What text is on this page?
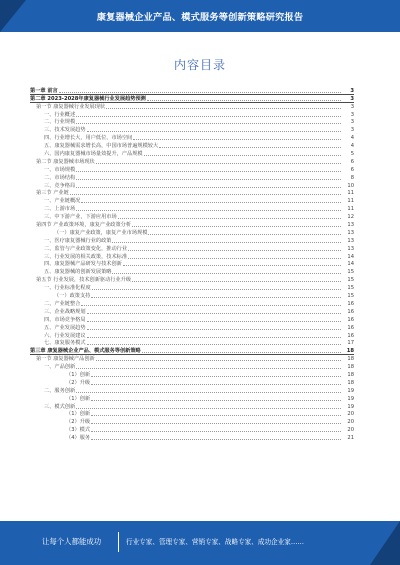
康复器械企业产品、模式服务等创新策略研究报告
内容目录
第一章 前言	3
第二章 2023-2028年康复器械行业发展趋势预测	3
第一节 康复器械行业发展现状	3
一、行业概述	3
二、行业规模	3
三、技术发展趋势	3
四、行业增长大，用户低位，市场空间	4
五、康复器械需求增长高，中国市场普遍规模较大	4
六、国内康复器械市场量效提升，产品规模	5
第二节 康复器械市场现状	6
一、市场规模	6
二、市场结构	8
三、竞争格局	10
第三节 产业链	11
一、产业链概况	11
二、上游市场	11
三、中下游产业，下游应用市场	12
第四节 产业政策环境，康复产业政策分析	13
（一）康复产业政策，康复产业市场规模	13
一、医疗康复器械行业的政策	13
二、监管与产业政策变化，推动行业	13
三、行业发展的相关政策，技术标准	14
四、康复器械产品研发与技术创新	14
五、康复器械的创新发展策略	15
第五节 行业发展，技术创新驱动行业升级	15
一、行业标准化程度	15
（一）政策支持	15
二、产业链整合	16
三、企业战略规划	16
四、市场竞争格局	16
五、产业发展趋势	16
六、行业发展建议	16
七、康复服务模式	17
第三章 康复器械企业产品、模式服务等创新策略	18
第一节 康复器械产品创新	18
一、产品创新	18
（1）创新	18
（2）升级	18
二、服务创新	19
（1）创新	19
三、模式创新	19
（1）创新	20
（2）升级	20
（3）模式	20
（4）服务	21
让每个人都能成功	行业专家、管理专家、营销专家、战略专家、成功企业家……
